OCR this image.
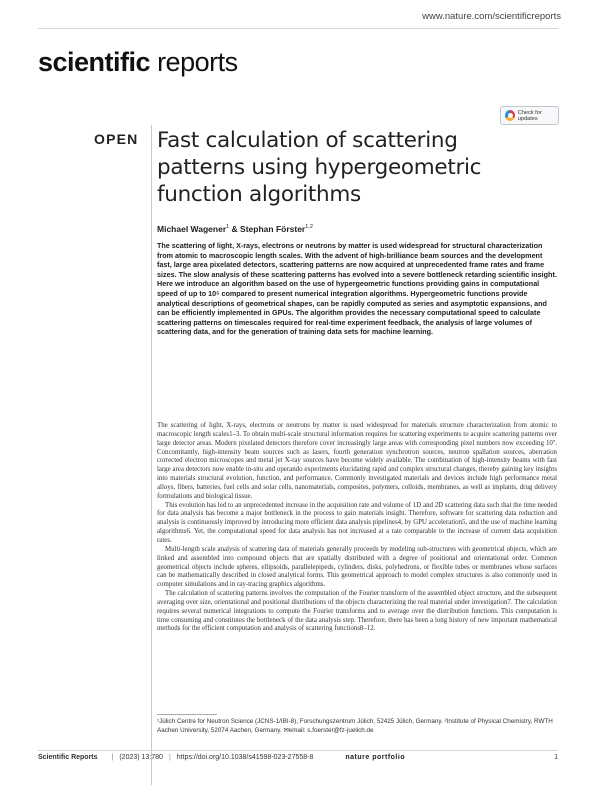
www.nature.com/scientificreports
scientific reports
Check for updates
OPEN Fast calculation of scattering patterns using hypergeometric function algorithms
Michael Wagener$^1$ & Stephan Förster$^{1,2}$

The scattering of light, X-rays, electrons or neutrons by matter is used widespread for structural characterization from atomic to macroscopic length scales. With the advent of high-brilliance beam sources and the development fast, large area pixelated detectors, scattering patterns are now acquired at unprecedented frame rates and frame sizes. The slow analysis of these scattering patterns has evolved into a severe bottleneck retarding scientific insight. Here we introduce an algorithm based on the use of hypergeometric functions providing gains in computational speed of up to 10⁵ compared to present numerical integration algorithms. Hypergeometric functions provide analytical descriptions of geometrical shapes, can be rapidly computed as series and asymptotic expansions, and can be efficiently implemented in GPUs. The algorithm provides the necessary computational speed to calculate scattering patterns on timescales required for real-time experiment feedback, the analysis of large volumes of scattering data, and for the generation of training data sets for machine learning.

The scattering of light, X-rays, electrons or neutrons by matter is used widespread for materials structure characterization from atomic to macroscopic length scales1–3. To obtain multi-scale structural information requires for scattering experiments to acquire scattering patterns over large detector areas. Modern pixelated detectors therefore cover increasingly large areas with corresponding pixel numbers now exceeding 10⁷. Concomitantly, high-intensity beam sources such as lasers, fourth generation synchrotron sources, neutron spallation sources, aberration corrected electron microscopes and metal jet X-ray sources have become widely available. The combination of high-intensity beams with fast large area detectors now enable in-situ and operando experiments elucidating rapid and complex structural changes, thereby gaining key insights into materials structural evolution, function, and performance. Commonly investigated materials and devices include high performance metal alloys, fibers, batteries, fuel cells and solar cells, nanomaterials, composites, polymers, colloids, membranes, as well as implants, drug delivery formulations and biological tissue.

This evolution has led to an unprecedented increase in the acquisition rate and volume of 1D and 2D scattering data such that the time needed for data analysis has become a major bottleneck in the process to gain materials insight. Therefore, software for scattering data reduction and analysis is continuously improved by introducing more efficient data analysis pipelines4, by GPU acceleration5, and the use of machine learning algorithms6. Yet, the computational speed for data analysis has not increased at a rate comparable to the increase of current data acquisition rates.

Multi-length scale analysis of scattering data of materials generally proceeds by modeling sub-structures with geometrical objects, which are linked and assembled into compound objects that are spatially distributed with a degree of positional and orientational order. Common geometrical objects include spheres, ellipsoids, parallelepipeds, cylinders, disks, polyhedrons, or flexible tubes or membranes whose surfaces can be mathematically described in closed analytical forms. This geometrical approach to model complex structures is also commonly used in computer simulations and in ray-tracing graphics algorithms.

The calculation of scattering patterns involves the computation of the Fourier transform of the assembled object structure, and the subsequent averaging over size, orientational and positional distributions of the objects characterizing the real material under investigation7. The calculation requires several numerical integrations to compute the Fourier transforms and to average over the distribution functions. This computation is time consuming and constitutes the bottleneck of the data analysis step. Therefore, there has been a long history of new important mathematical methods for the efficient computation and analysis of scattering functions8–12.

¹Jülich Centre for Neutron Science (JCNS-1/IBI-8), Forschungszentrum Jülich, 52425 Jülich, Germany. ²Institute of Physical Chemistry, RWTH Aachen University, 52074 Aachen, Germany. ✉email: s.foerster@fz-juelich.de

Scientific Reports | (2023) 13:780 | https://doi.org/10.1038/s41598-023-27558-8	nature portfolio	1
